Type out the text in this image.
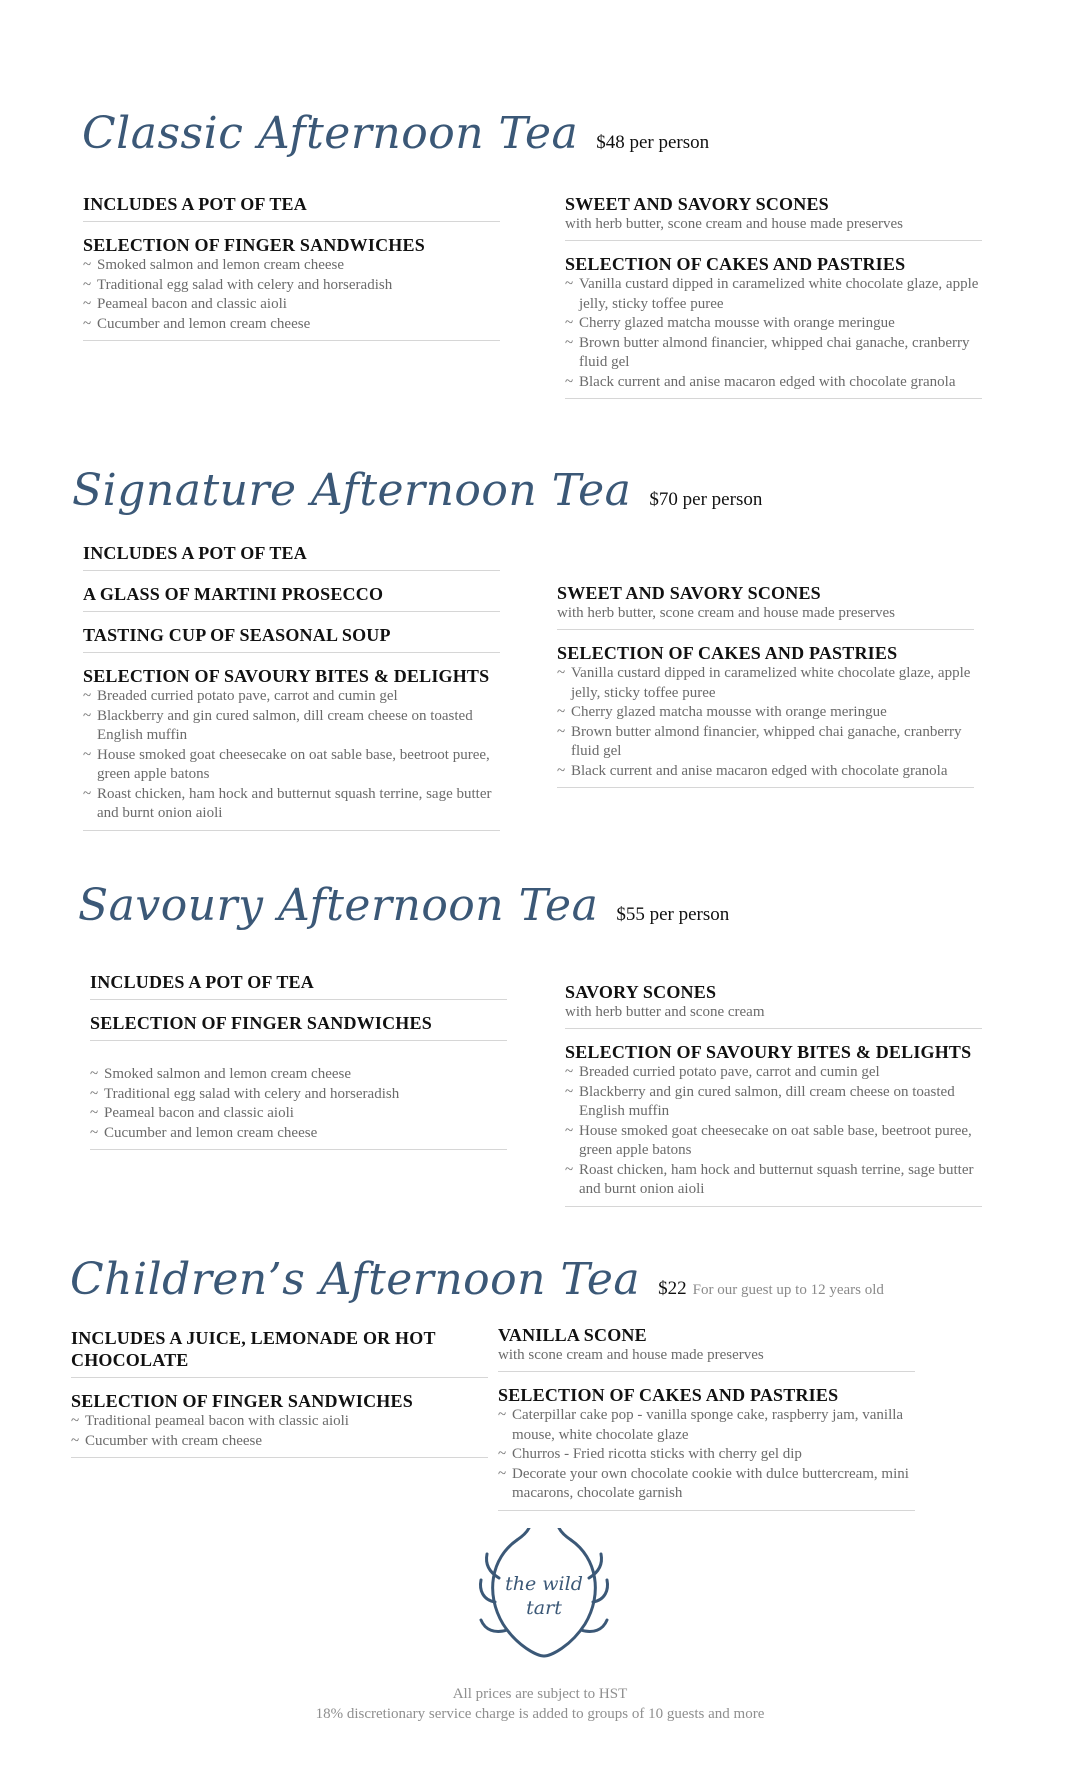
Classic Afternoon Tea $48 per person
INCLUDES A POT OF TEA
SELECTION OF FINGER SANDWICHES
~ Smoked salmon and lemon cream cheese
~ Traditional egg salad with celery and horseradish
~ Peameal bacon and classic aioli
~ Cucumber and lemon cream cheese
SWEET AND SAVORY SCONES
with herb butter, scone cream and house made preserves
SELECTION OF CAKES AND PASTRIES
~ Vanilla custard dipped in caramelized white chocolate glaze, apple jelly, sticky toffee puree
~ Cherry glazed matcha mousse with orange meringue
~ Brown butter almond financier, whipped chai ganache, cranberry fluid gel
~ Black current and anise macaron edged with chocolate granola
Signature Afternoon Tea $70 per person
INCLUDES A POT OF TEA
A GLASS OF MARTINI PROSECCO
TASTING CUP OF SEASONAL SOUP
SELECTION OF SAVOURY BITES & DELIGHTS
~ Breaded curried potato pave, carrot and cumin gel
~ Blackberry and gin cured salmon, dill cream cheese on toasted English muffin
~ House smoked goat cheesecake on oat sable base, beetroot puree, green apple batons
~ Roast chicken, ham hock and butternut squash terrine, sage butter and burnt onion aioli
SWEET AND SAVORY SCONES
with herb butter, scone cream and house made preserves
SELECTION OF CAKES AND PASTRIES
~ Vanilla custard dipped in caramelized white chocolate glaze, apple jelly, sticky toffee puree
~ Cherry glazed matcha mousse with orange meringue
~ Brown butter almond financier, whipped chai ganache, cranberry fluid gel
~ Black current and anise macaron edged with chocolate granola
Savoury Afternoon Tea $55 per person
INCLUDES A POT OF TEA
SELECTION OF FINGER SANDWICHES
~ Smoked salmon and lemon cream cheese
~ Traditional egg salad with celery and horseradish
~ Peameal bacon and classic aioli
~ Cucumber and lemon cream cheese
SAVORY SCONES
with herb butter and scone cream
SELECTION OF SAVOURY BITES & DELIGHTS
~ Breaded curried potato pave, carrot and cumin gel
~ Blackberry and gin cured salmon, dill cream cheese on toasted English muffin
~ House smoked goat cheesecake on oat sable base, beetroot puree, green apple batons
~ Roast chicken, ham hock and butternut squash terrine, sage butter and burnt onion aioli
Children’s Afternoon Tea $22 For our guest up to 12 years old
INCLUDES A JUICE, LEMONADE OR HOT CHOCOLATE
SELECTION OF FINGER SANDWICHES
~ Traditional peameal bacon with classic aioli
~ Cucumber with cream cheese
VANILLA SCONE
with scone cream and house made preserves
SELECTION OF CAKES AND PASTRIES
~ Caterpillar cake pop - vanilla sponge cake, raspberry jam, vanilla mouse, white chocolate glaze
~ Churros - Fried ricotta sticks with cherry gel dip
~ Decorate your own chocolate cookie with dulce buttercream, mini macarons, chocolate garnish
the wild
tart
All prices are subject to HST
18% discretionary service charge is added to groups of 10 guests and more
